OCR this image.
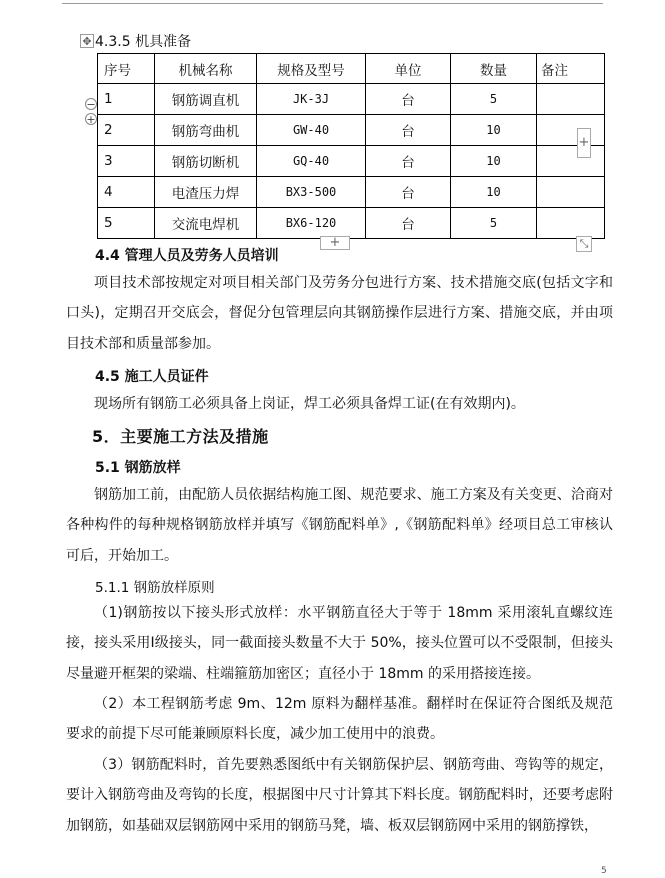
✥ 4.3.5 机具准备
序号	机械名称	规格及型号	单位	数量	备注
1	钢筋调直机	JK-3J	台	5	
2	钢筋弯曲机	GW-40	台	10	
3	钢筋切断机	GQ-40	台	10	
4	电渣压力焊	BX3-500	台	10	
5	交流电焊机	BX6-120	台	5	
−
+
+
+	⤡
4.4 管理人员及劳务人员培训
项目技术部按规定对项目相关部门及劳务分包进行方案、技术措施交底(包括文字和口头)，定期召开交底会，督促分包管理层向其钢筋操作层进行方案、措施交底，并由项目技术部和质量部参加。
4.5 施工人员证件
现场所有钢筋工必须具备上岗证，焊工必须具备焊工证(在有效期内)。
5．主要施工方法及措施
5.1 钢筋放样
钢筋加工前，由配筋人员依据结构施工图、规范要求、施工方案及有关变更、洽商对各种构件的每种规格钢筋放样并填写《钢筋配料单》,《钢筋配料单》经项目总工审核认可后，开始加工。
5.1.1 钢筋放样原则
（1)钢筋按以下接头形式放样：水平钢筋直径大于等于 18mm 采用滚轧直螺纹连接，接头采用Ⅰ级接头，同一截面接头数量不大于 50%，接头位置可以不受限制，但接头尽量避开框架的梁端、柱端箍筋加密区；直径小于 18mm 的采用搭接连接。
（2）本工程钢筋考虑 9m、12m 原料为翻样基准。翻样时在保证符合图纸及规范要求的前提下尽可能兼顾原料长度，减少加工使用中的浪费。
（3）钢筋配料时，首先要熟悉图纸中有关钢筋保护层、钢筋弯曲、弯钩等的规定，要计入钢筋弯曲及弯钩的长度，根据图中尺寸计算其下料长度。钢筋配料时，还要考虑附加钢筋，如基础双层钢筋网中采用的钢筋马凳，墙、板双层钢筋网中采用的钢筋撑铁，
5
